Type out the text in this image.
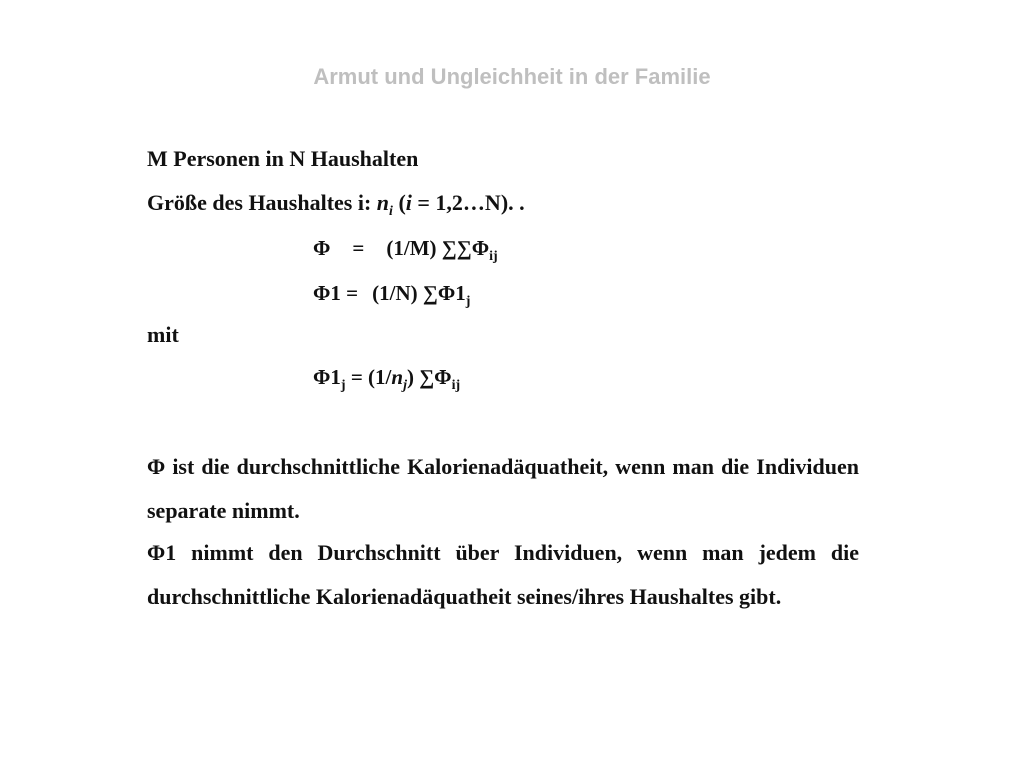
Armut und Ungleichheit in der Familie
M Personen in N Haushalten
Größe des Haushaltes i: $n_i$ (i = 1,2…N). .
Φ = (1/M) $\sum\sum\Phi_{ij}$
Φ1 = (1/N) $\sum\Phi 1_j$
mit
$\Phi 1_j = (1/n_j)$ $\sum\Phi_{ij}$
Φ ist die durchschnittliche Kalorienadäquatheit, wenn man die Individuen separate nimmt.
Φ1 nimmt den Durchschnitt über Individuen, wenn man jedem die durchschnittliche Kalorienadäquatheit seines/ihres Haushaltes gibt.
